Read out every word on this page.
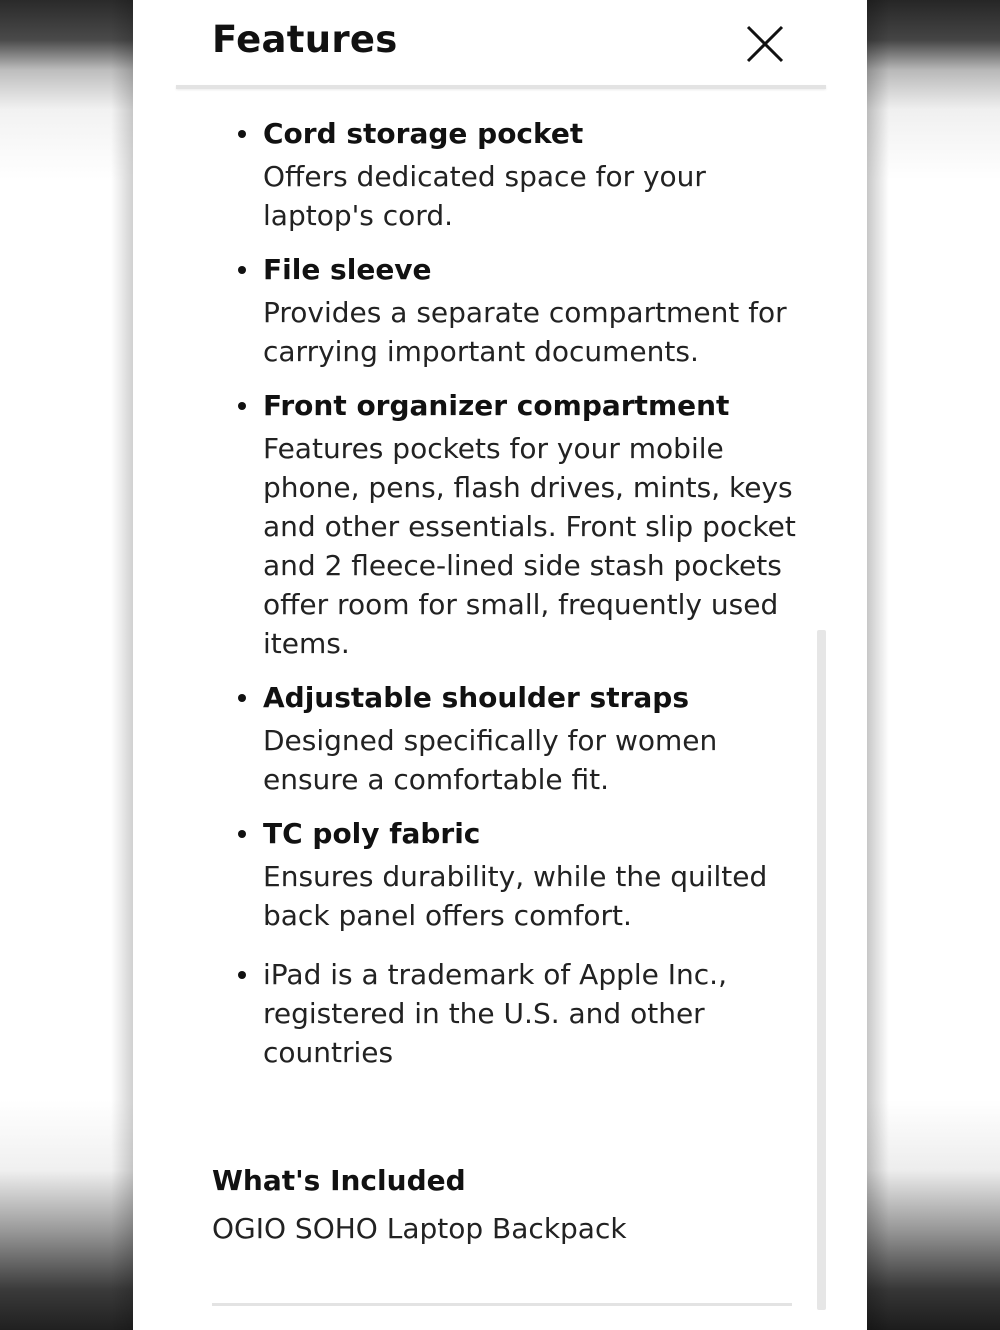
Features
Cord storage pocket
Offers dedicated space for your laptop's cord.
File sleeve
Provides a separate compartment for carrying important documents.
Front organizer compartment
Features pockets for your mobile phone, pens, flash drives, mints, keys and other essentials. Front slip pocket and 2 fleece-lined side stash pockets offer room for small, frequently used items.
Adjustable shoulder straps
Designed specifically for women ensure a comfortable fit.
TC poly fabric
Ensures durability, while the quilted back panel offers comfort.
iPad is a trademark of Apple Inc., registered in the U.S. and other countries
What's Included
OGIO SOHO Laptop Backpack
